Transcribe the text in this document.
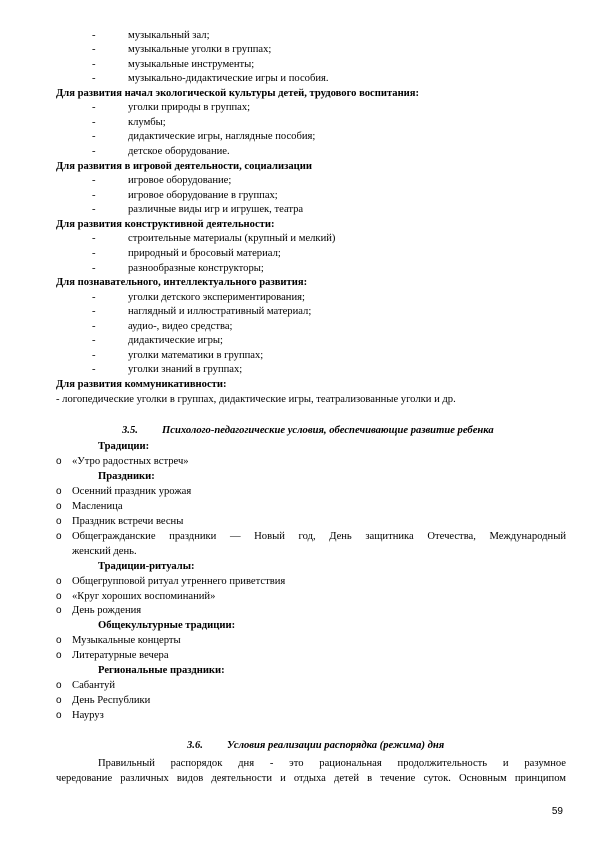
-	музыкальный зал;
-	музыкальные уголки в группах;
-	музыкальные инструменты;
-	музыкально-дидактические игры и пособия.
Для развития начал экологической культуры детей, трудового воспитания:
-	уголки природы в группах;
-	клумбы;
-	дидактические игры, наглядные пособия;
-	детское оборудование.
Для развития в игровой деятельности, социализации
-	игровое оборудование;
-	игровое оборудование в группах;
-	различные виды игр и игрушек, театра
Для развития конструктивной деятельности:
-	строительные материалы (крупный и мелкий)
-	природный и бросовый материал;
-	разнообразные конструкторы;
Для познавательного, интеллектуального развития:
-	уголки детского экспериментирования;
-	наглядный и иллюстративный материал;
-	аудио-, видео средства;
-	дидактические игры;
-	уголки математики в группах;
-	уголки знаний в группах;
Для развития коммуникативности:
- логопедические уголки в группах, дидактические игры, театрализованные уголки и др.
3.5. Психолого-педагогические условия, обеспечивающие развитие ребенка
Традиции:
o «Утро радостных встреч»
Праздники:
o Осенний праздник урожая
o Масленица
o Праздник встречи весны
o Общегражданские праздники — Новый год, День защитника Отечества, Международный
женский день.
Традиции-ритуалы:
o Общегрупповой ритуал утреннего приветствия
o «Круг хороших воспоминаний»
o День рождения
Общекультурные традиции:
o Музыкальные концерты
o Литературные вечера
Региональные праздники:
o Сабантуй
o День Республики
o Науруз
3.6. Условия реализации распорядка (режима) дня
Правильный распорядок дня - это рациональная продолжительность и разумное
чередование различных видов деятельности и отдыха детей в течение суток. Основным принципом
59
